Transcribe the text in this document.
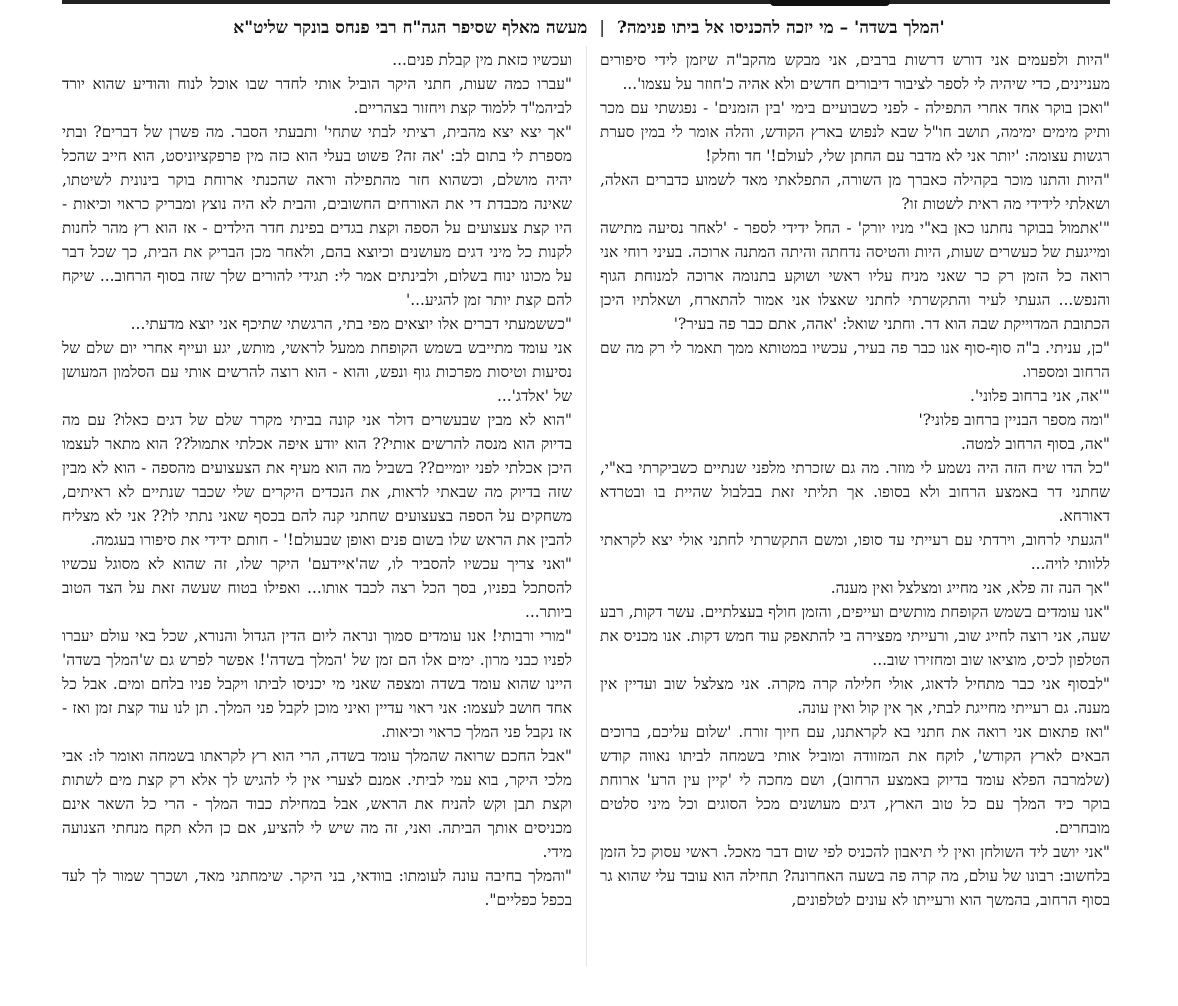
'המלך בשדה' – מי יזכה להכניסו אל ביתו פנימה? | מעשה מאלף שסיפר הגה"ח רבי פנחס בונקר שליט"א

"היות ולפעמים אני דורש דרשות ברבים, אני מבקש מהקב"ה שיזמן לידי סיפורים מעניינים, כדי שיהיה לי לספר לציבור דיבורים חדשים ולא אהיה כ'חוזר על עצמו'...

"ואכן בוקר אחד אחרי התפילה - לפני כשבועיים בימי 'בין הזמנים' - נפגשתי עם מכר ותיק מימים ימימה, תושב חו"ל שבא לנפוש בארץ הקודש, והלה אומר לי במין סערת רגשות עצומה: 'יותר אני לא מדבר עם החתן שלי, לעולם!' חד וחלק!

"היות והתנו מוכר בקהילה כאברך מן השורה, התפלאתי מאד לשמוע כדברים האלה, ושאלתי לידידי מה ראית לשטות זו?

"'אתמול בבוקר נחתנו כאן בא"י מניו יורק' - החל ידידי לספר - 'לאחר נסיעה מתישה ומייגעת של כעשרים שעות, היות והטיסה נדחתה והיתה המתנה ארוכה. בעיני רוחי אני רואה כל הזמן רק כר שאני מניח עליו ראשי ושוקע בתנומה ארוכה למנוחת הגוף והנפש... הגעתי לעיר והתקשרתי לחתני שאצלו אני אמור להתארח, ושאלתיו היכן הכתובת המדוייקת שבה הוא דר. וחתני שואל: 'אהה, אתם כבר פה בעיר?'

"כן, עניתי. ב"ה סוף-סוף אנו כבר פה בעיר, עכשיו במטותא ממך תאמר לי רק מה שם הרחוב ומספרו.

"'אה, אני ברחוב פלוני'.

"ומה מספר הבניין ברחוב פלוני?'

"אה, בסוף הרחוב למטה.

"כל הדו שיח הזה היה נשמע לי מוזר. מה גם שזכרתי מלפני שנתיים כשביקרתי בא"י, שחתני דר באמצע הרחוב ולא בסופו. אך תליתי זאת בבלבול שהיית בו ובטרדא דאורחא.

"הגעתי לרחוב, וירדתי עם רעייתי עד סופו, ומשם התקשרתי לחתני אולי יצא לקראתי ללוותי לויה...

"אך הנה זה פלא, אני מחייג ומצלצל ואין מענה.

"אנו עומדים בשמש הקופחת מותשים ועייפים, והזמן חולף בעצלתיים. עשר דקות, רבע שעה, אני רוצה לחייג שוב, ורעייתי מפצירה בי להתאפק עוד חמש דקות. אנו מכניס את הטלפון לכיס, מוציאו שוב ומחזירו שוב...

"לבסוף אני כבר מתחיל לדאוג, אולי חלילה קרה מקרה. אני מצלצל שוב ועדיין אין מענה. גם רעייתי מחייגת לבתי, אך אין קול ואין עונה.

"ואז פתאום אני רואה את חתני בא לקראתנו, עם חיוך זורח. 'שלום עליכם, ברוכים הבאים לארץ הקודש', לוקח את המזוודה ומוביל אותי בשמחה לביתו נאווה קודש (שלמרבה הפלא עומד בדיוק באמצע הרחוב), ושם מחכה לי 'קיין עין הרע' ארוחת בוקר כיד המלך עם כל טוב הארץ, דגים מעושנים מכל הסוגים וכל מיני סלטים מובחרים.

"אני יושב ליד השולחן ואין לי תיאבון להכניס לפי שום דבר מאכל. ראשי עסוק כל הזמן בלחשוב: רבונו של עולם, מה קרה פה בשעה האחרונה? תחילה הוא עובד עלי שהוא גר בסוף הרחוב, בהמשך הוא ורעייתו לא עונים לטלפונים,

ועכשיו כזאת מין קבלת פנים...

"עברו כמה שעות, חתני היקר הוביל אותי לחדר שבו אוכל לנוח והודיע שהוא יורד לביהמ"ד ללמוד קצת ויחזור בצהריים.

"אך יצא יצא מהבית, רציתי לבתי שתחי' ותבעתי הסבר. מה פשרן של דברים? ובתי מספרת לי בתום לב: 'אה זה? פשוט בעלי הוא כזה מין פרפקציוניסט, הוא חייב שהכל יהיה מושלם, וכשהוא חזר מהתפילה וראה שהכנתי ארוחת בוקר בינונית לשיטתו, שאינה מכבדת די את האורחים החשובים, והבית לא היה נוצץ ומבריק כראוי וכיאות - היו קצת צעצועים על הספה וקצת בגדים בפינת חדר הילדים - אז הוא רץ מהר לחנות לקנות כל מיני דגים מעושנים וכיוצא בהם, ולאחר מכן הבריק את הבית, כך שכל דבר על מכונו ינוח בשלום, ולבינתים אמר לי: תגידי להורים שלך שזה בסוף הרחוב... שיקח להם קצת יותר זמן להגיע...'

"כששמעתי דברים אלו יוצאים מפי בתי, הרגשתי שתיכף אני יוצא מדעתי...

אני עומד מתייבש בשמש הקופחת ממעל לראשי, מותש, יגע ועייף אחרי יום שלם של נסיעות וטיסות מפרכות גוף ונפש, והוא - הוא רוצה להרשים אותי עם הסלמון המעושן של 'אלדג'...

"הוא לא מבין שבעשרים דולר אני קונה בביתי מקרר שלם של דגים כאלו? עם מה בדיוק הוא מנסה להרשים אותי?? הוא יודע איפה אכלתי אתמול?? הוא מתאר לעצמו היכן אכלתי לפני יומיים?? בשביל מה הוא מעיף את הצעצועים מהספה - הוא לא מבין שזה בדיוק מה שבאתי לראות, את הנכדים היקרים שלי שכבר שנתיים לא ראיתים, משחקים על הספה בצעצועים שחתני קנה להם בכסף שאני נתתי לו?? אני לא מצליח להבין את הראש שלו בשום פנים ואופן שבעולם!' - חותם ידידי את סיפורו בעגמה.

"ואני צריך עכשיו להסביר לו, שה'איידעם' היקר שלו, זה שהוא לא מסוגל עכשיו להסתכל בפניו, בסך הכל רצה לכבד אותו... ואפילו בטוח שעשה זאת על הצד הטוב ביותר...

"מורי ורבותי! אנו עומדים סמוך ונראה ליום הדין הגדול והנורא, שכל באי עולם יעברו לפניו כבני מרון. ימים אלו הם זמן של 'המלך בשדה'! אפשר לפרש גם ש'המלך בשדה' היינו שהוא עומד בשדה ומצפה שאני מי יכניסו לביתו ויקבל פניו בלחם ומים. אבל כל אחד חושב לעצמו: אני ראוי עדיין ואיני מוכן לקבל פני המלך. תן לנו עוד קצת זמן ואז - אז נקבל פני המלך כראוי וכיאות.

"אבל החכם שרואה שהמלך עומד בשדה, הרי הוא רץ לקראתו בשמחה ואומר לו: אבי מלכי היקר, בוא עמי לביתי. אמנם לצערי אין לי להגיש לך אלא רק קצת מים לשתות וקצת תבן וקש להניח את הראש, אבל במחילת כבוד המלך - הרי כל השאר אינם מכניסים אותך הביתה. ואני, זה מה שיש לי להציע, אם כן הלא תקח מנחתי הצנועה מידי.

"והמלך בחיבה עונה לעומתו: בוודאי, בני היקר. שימחתני מאד, ושכרך שמור לך לעד בכפל כפליים".
